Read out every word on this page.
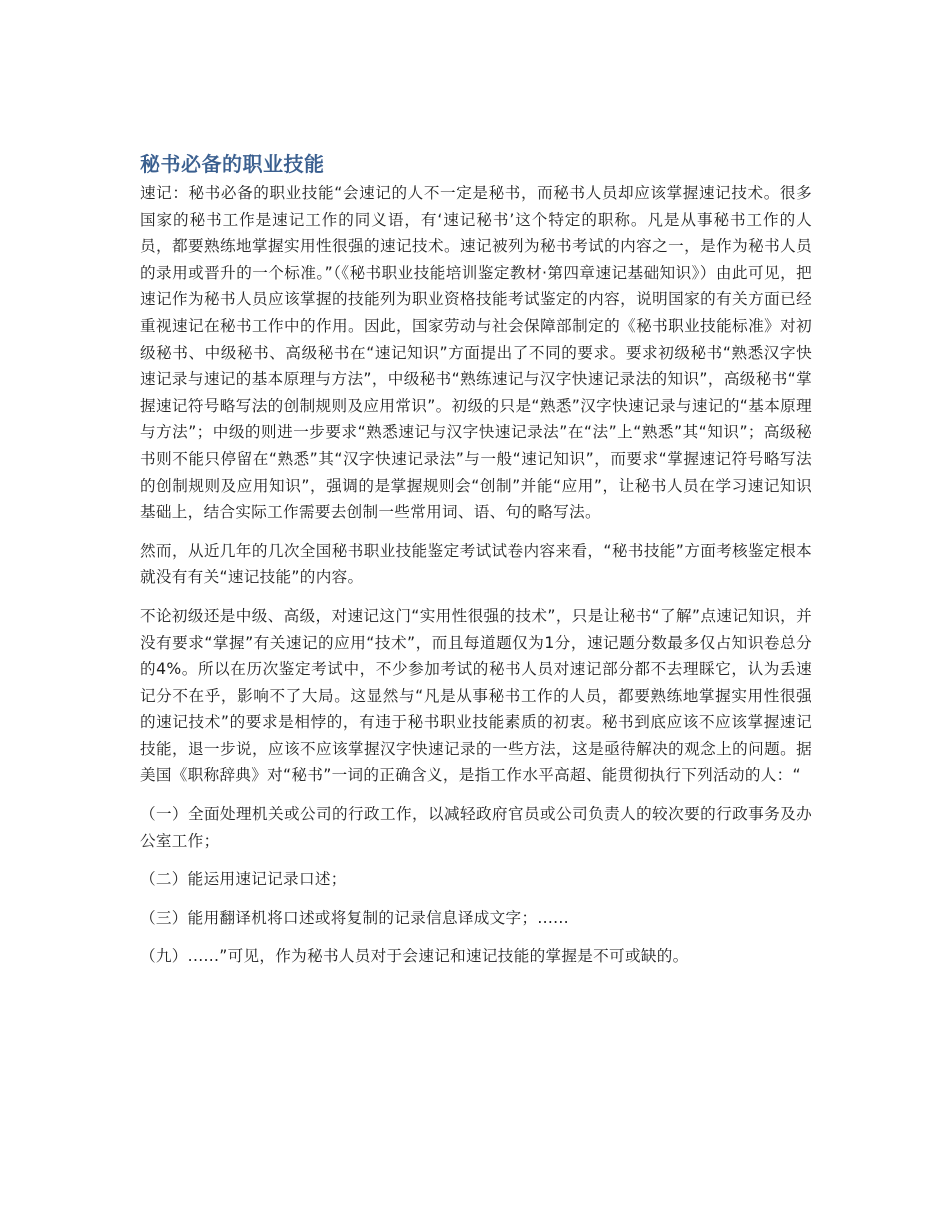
秘书必备的职业技能

速记：秘书必备的职业技能“会速记的人不一定是秘书，而秘书人员却应该掌握速记技术。很多国家的秘书工作是速记工作的同义语，有‘速记秘书’这个特定的职称。凡是从事秘书工作的人员，都要熟练地掌握实用性很强的速记技术。速记被列为秘书考试的内容之一，是作为秘书人员的录用或晋升的一个标准。”（《秘书职业技能培训鉴定教材·第四章速记基础知识》）由此可见，把速记作为秘书人员应该掌握的技能列为职业资格技能考试鉴定的内容，说明国家的有关方面已经重视速记在秘书工作中的作用。因此，国家劳动与社会保障部制定的《秘书职业技能标准》对初级秘书、中级秘书、高级秘书在“速记知识”方面提出了不同的要求。要求初级秘书“熟悉汉字快速记录与速记的基本原理与方法”，中级秘书“熟练速记与汉字快速记录法的知识”，高级秘书“掌握速记符号略写法的创制规则及应用常识”。初级的只是“熟悉”汉字快速记录与速记的“基本原理与方法”；中级的则进一步要求“熟悉速记与汉字快速记录法”在“法”上“熟悉”其“知识”；高级秘书则不能只停留在“熟悉”其“汉字快速记录法”与一般“速记知识”，而要求“掌握速记符号略写法的创制规则及应用知识”，强调的是掌握规则会“创制”并能“应用”，让秘书人员在学习速记知识基础上，结合实际工作需要去创制一些常用词、语、句的略写法。

然而，从近几年的几次全国秘书职业技能鉴定考试试卷内容来看，“秘书技能”方面考核鉴定根本就没有有关“速记技能”的内容。

不论初级还是中级、高级，对速记这门“实用性很强的技术”，只是让秘书“了解”点速记知识，并没有要求“掌握”有关速记的应用“技术”，而且每道题仅为1分，速记题分数最多仅占知识卷总分的4%。所以在历次鉴定考试中，不少参加考试的秘书人员对速记部分都不去理睬它，认为丢速记分不在乎，影响不了大局。这显然与“凡是从事秘书工作的人员，都要熟练地掌握实用性很强的速记技术”的要求是相悖的，有违于秘书职业技能素质的初衷。秘书到底应该不应该掌握速记技能，退一步说，应该不应该掌握汉字快速记录的一些方法，这是亟待解决的观念上的问题。据美国《职称辞典》对“秘书”一词的正确含义，是指工作水平高超、能贯彻执行下列活动的人：“

（一）全面处理机关或公司的行政工作，以减轻政府官员或公司负责人的较次要的行政事务及办公室工作；

（二）能运用速记记录口述；

（三）能用翻译机将口述或将复制的记录信息译成文字；......

（九）......”可见，作为秘书人员对于会速记和速记技能的掌握是不可或缺的。
